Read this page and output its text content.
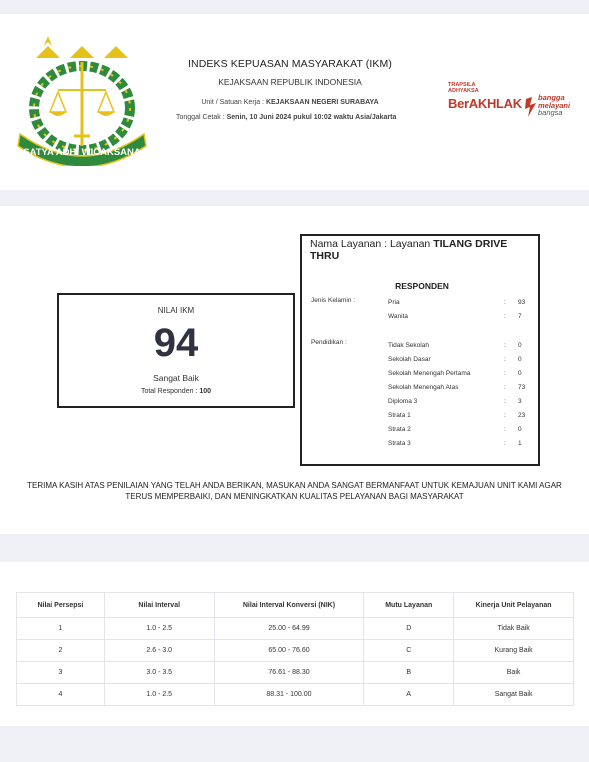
SATYA ADHI WICAKSANA
INDEKS KEPUASAN MASYARAKAT (IKM)
KEJAKSAAN REPUBLIK INDONESIA
Unit / Satuan Kerja : KEJAKSAAN NEGERI SURABAYA
Tonggal Cetak : Senin, 10 Juni 2024 pukul 10:02 waktu Asia/Jakarta
TRAPSILA
ADHYAKSA
BerAKHLAK bangga
melayani
bangsa
NILAI IKM
94
Sangat Baik
Total Responden : 100
Nama Layanan : Layanan TILANG DRIVE THRU
RESPONDEN
Jenis Kelamin :	Pria	: 93
Wanita	: 7
Pendidikan :	Tidak Sekolah	: 0
Sekolah Dasar	: 0
Sekolah Menengah Pertama	: 0
Sekolah Menengah Atas	: 73
Diploma 3	: 3
Strata 1	: 23
Strata 2	: 0
Strata 3	: 1
TERIMA KASIH ATAS PENILAIAN YANG TELAH ANDA BERIKAN, MASUKAN ANDA SANGAT BERMANFAAT UNTUK KEMAJUAN UNIT KAMI AGAR TERUS MEMPERBAIKI, DAN MENINGKATKAN KUALITAS PELAYANAN BAGI MASYARAKAT
Nilai Persepsi	Nilai Interval	Nilai Interval Konversi (NIK)	Mutu Layanan	Kinerja Unit Pelayanan
1	1.0 - 2.5	25.00 - 64.99	D	Tidak Baik
2	2.6 - 3.0	65.00 - 76.60	C	Kurang Baik
3	3.0 - 3.5	76.61 - 88.30	B	Baik
4	1.0 - 2.5	88.31 - 100.00	A	Sangat Baik
